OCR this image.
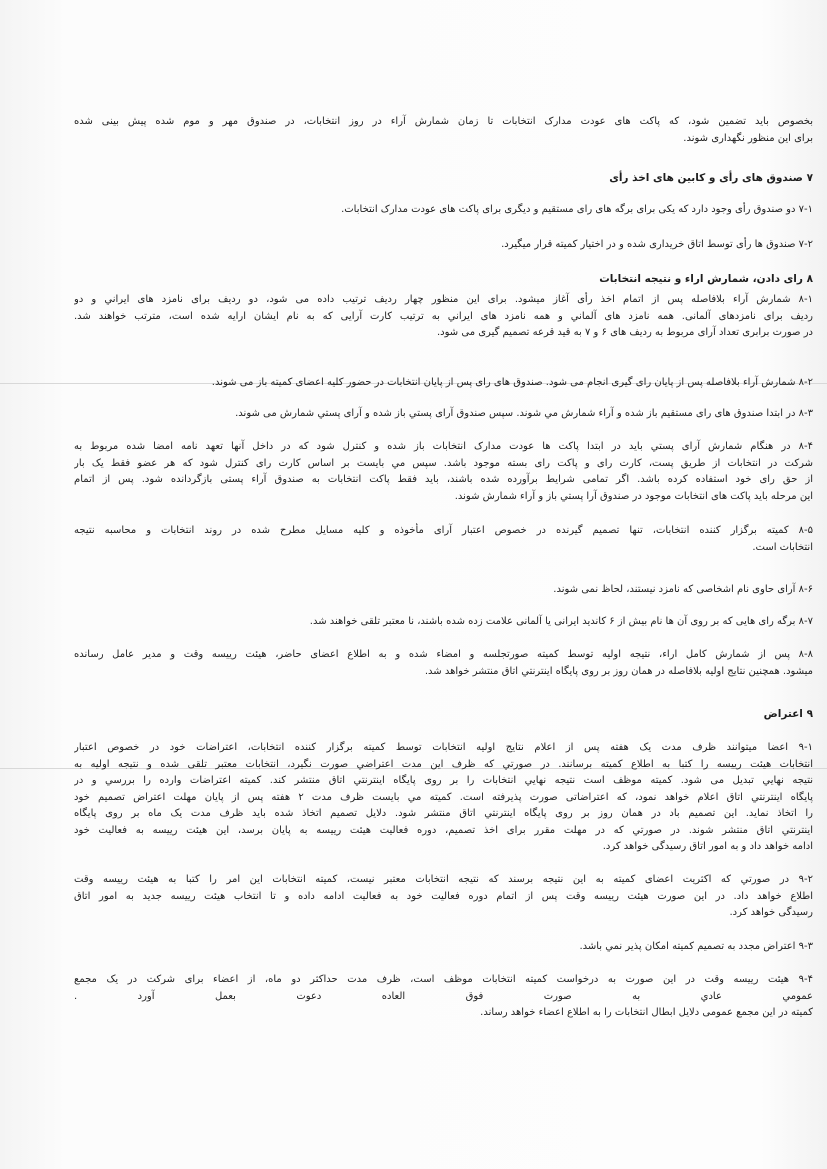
بخصوص باید تضمین شود، که پاکت های عودت مدارک انتخابات تا زمان شمارش آراء در روز انتخابات، در صندوق مهر و موم شده پیش بینی شده
برای این منظور نگهداری شوند.
۷ صندوق های رأی و کابین های اخذ رأی
۷-۱ دو صندوق رأی وجود دارد که یکی برای برگه های رای مستقیم و دیگری برای پاکت های عودت مدارک انتخابات.
۷-۲ صندوق ها رأی توسط اتاق خریداری شده و در اختیار کمیته قرار میگیرد.
۸ رای دادن، شمارش اراء و نتیجه انتخابات
۸-۱ شمارش آراء بلافاصله پس از اتمام اخذ رأی آغاز میشود. برای این منظور چهار ردیف ترتیب داده می شود، دو ردیف برای نامزد های ایراني و دو
ردیف برای نامزدهای آلمانی. همه نامزد های آلماني و همه نامزد های ایراني به ترتیب کارت آرایی که به نام ایشان ارایه شده است، مترتب خواهند شد.
در صورت برابری تعداد آرای مربوط به ردیف های ۶ و ۷ به قید قرعه تصمیم گیری می شود.
۸-۲ شمارش آراء بلافاصله پس از پایان رای گیری انجام می شود. صندوق های رای پس از پایان انتخابات در حضور کلیه اعضای کمیته باز می شوند.
۸-۳ در ابتدا صندوق های رای مستقیم باز شده و آراء شمارش مي شوند. سپس صندوق آرای پستي باز شده و آرای پستي شمارش می شوند.
۸-۴ در هنگام شمارش آرای پستي باید در ابتدا پاکت ها عودت مدارک انتخابات باز شده و کنترل شود که در داخل آنها تعهد نامه امضا شده مربوط به
شرکت در انتخابات از طریق پست، کارت رای و پاکت رای بسته موجود باشد. سپس مي بایست بر اساس کارت رای کنترل شود که هر عضو فقط یک بار
از حق رای خود استفاده کرده باشد. اگر تمامی شرایط برآورده شده باشند، باید فقط پاکت انتخابات به صندوق آراء پستی بازگردانده شود. پس از اتمام
این مرحله باید پاکت های انتخابات موجود در صندوق آرا پستي باز و آراء شمارش شوند.
۸-۵ کمیته برگزار کننده انتخابات، تنها تصمیم گیرنده در خصوص اعتبار آرای مأخوذه و کلیه مسایل مطرح شده در روند انتخابات و محاسبه نتیجه
انتخابات است.
۸-۶ آرای حاوی نام اشخاصی که نامزد نیستند، لحاظ نمی شوند.
۸-۷ برگه رای هایی که بر روی آن ها نام بیش از ۶ کاندید ایرانی یا آلمانی علامت زده شده باشند، نا معتبر تلقی خواهند شد.
۸-۸ پس از شمارش کامل اراء، نتیجه اولیه توسط کمیته صورتجلسه و امضاء شده و به اطلاع اعضای حاضر، هیئت رییسه وقت و مدیر عامل رسانده
میشود. همچنین نتایج اولیه بلافاصله در همان روز بر روی پایگاه اینترنتي اتاق منتشر خواهد شد.
۹ اعتراض
۹-۱ اعضا میتوانند ظرف مدت یک هفته پس از اعلام نتایج اولیه انتخابات توسط کمیته برگزار کننده انتخابات، اعتراضات خود در خصوص اعتبار
انتخابات هیئت رییسه را کتبا به اطلاع کمیته برسانند. در صورتي که ظرف این مدت اعتراضي صورت نگیرد، انتخابات معتبر تلقی شده و نتیجه اولیه به
نتیجه نهایي تبدیل می شود. کمیته موظف است نتیجه نهایي انتخابات را بر روی پایگاه اینترنتي اتاق منتشر کند. کمیته اعتراضات وارده را بررسي و در
پایگاه اینترنتي اتاق اعلام خواهد نمود، که اعتراضاتی صورت پذیرفته است. کمیته مي بایست ظرف مدت ۲ هفته پس از پایان مهلت اعتراض تصمیم خود
را اتخاذ نماید. این تصمیم باد در همان روز بر روی پایگاه اینترنتي اتاق منتشر شود. دلایل تصمیم اتخاذ شده باید ظرف مدت یک ماه بر روی پایگاه
اینترنتي اتاق منتشر شوند. در صورتي که در مهلت مقرر برای اخذ تصمیم، دوره فعالیت هیئت رییسه به پایان برسد، این هیئت رییسه به فعالیت خود
ادامه خواهد داد و به امور اتاق رسیدگی خواهد کرد.
۹-۲ در صورتي که اکثریت اعضای کمیته به این نتیجه برسند که نتیجه انتخابات معتبر نیست، کمیته انتخابات این امر را کتبا به هیئت رییسه وقت
اطلاع خواهد داد. در این صورت هیئت رییسه وقت پس از اتمام دوره فعالیت خود به فعالیت ادامه داده و تا انتخاب هیئت رییسه جدید به امور اتاق
رسیدگی خواهد کرد.
۹-۳ اعتراض مجدد به تصمیم کمیته امکان پذیر نمي باشد.
۹-۴ هیئت رییسه وقت در این صورت به درخواست کمیته انتخابات موظف است، ظرف مدت حداکثر دو ماه، از اعضاء برای شرکت در یک مجمع
عمومي عادي به صورت فوق العاده دعوت بعمل آورد .
کمیته در این مجمع عمومی دلایل ابطال انتخابات را به اطلاع اعضاء خواهد رساند.
